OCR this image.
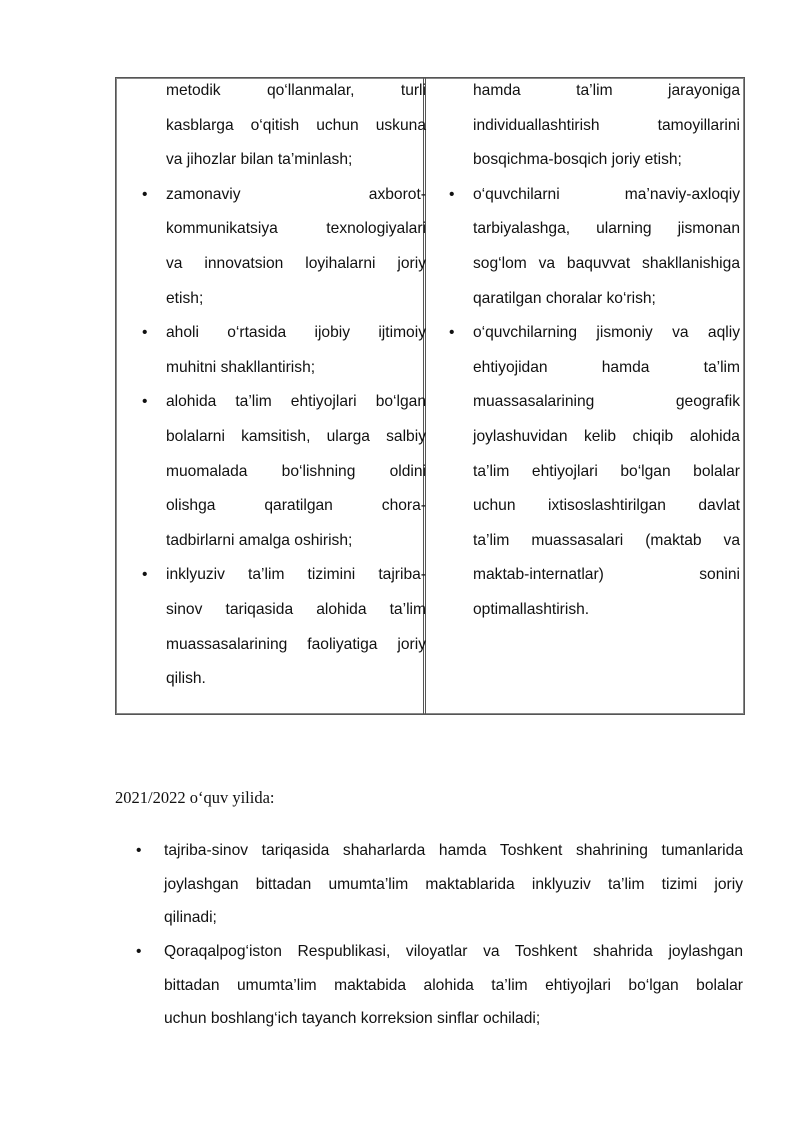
metodik qo‘llanmalar, turli
kasblarga o‘qitish uchun uskuna
va jihozlar bilan ta’minlash;
• zamonaviy axborot-
kommunikatsiya texnologiyalari
va innovatsion loyihalarni joriy
etish;
• aholi o‘rtasida ijobiy ijtimoiy
muhitni shakllantirish;
• alohida ta’lim ehtiyojlari bo‘lgan
bolalarni kamsitish, ularga salbiy
muomalada bo‘lishning oldini
olishga qaratilgan chora-
tadbirlarni amalga oshirish;
• inklyuziv ta’lim tizimini tajriba-
sinov tariqasida alohida ta’lim
muassasalarining faoliyatiga joriy
qilish.
hamda ta’lim jarayoniga
individuallashtirish tamoyillarini
bosqichma-bosqich joriy etish;
• o‘quvchilarni ma’naviy-axloqiy
tarbiyalashga, ularning jismonan
sog‘lom va baquvvat shakllanishiga
qaratilgan choralar ko‘rish;
• o‘quvchilarning jismoniy va aqliy
ehtiyojidan hamda ta’lim
muassasalarining geografik
joylashuvidan kelib chiqib alohida
ta’lim ehtiyojlari bo‘lgan bolalar
uchun ixtisoslashtirilgan davlat
ta’lim muassasalari (maktab va
maktab-internatlar) sonini
optimallashtirish.
2021/2022 o‘quv yilida:
• tajriba-sinov tariqasida shaharlarda hamda Toshkent shahrining tumanlarida
joylashgan bittadan umumta’lim maktablarida inklyuziv ta’lim tizimi joriy
qilinadi;
• Qoraqalpog‘iston Respublikasi, viloyatlar va Toshkent shahrida joylashgan
bittadan umumta’lim maktabida alohida ta’lim ehtiyojlari bo‘lgan bolalar
uchun boshlang‘ich tayanch korreksion sinflar ochiladi;
